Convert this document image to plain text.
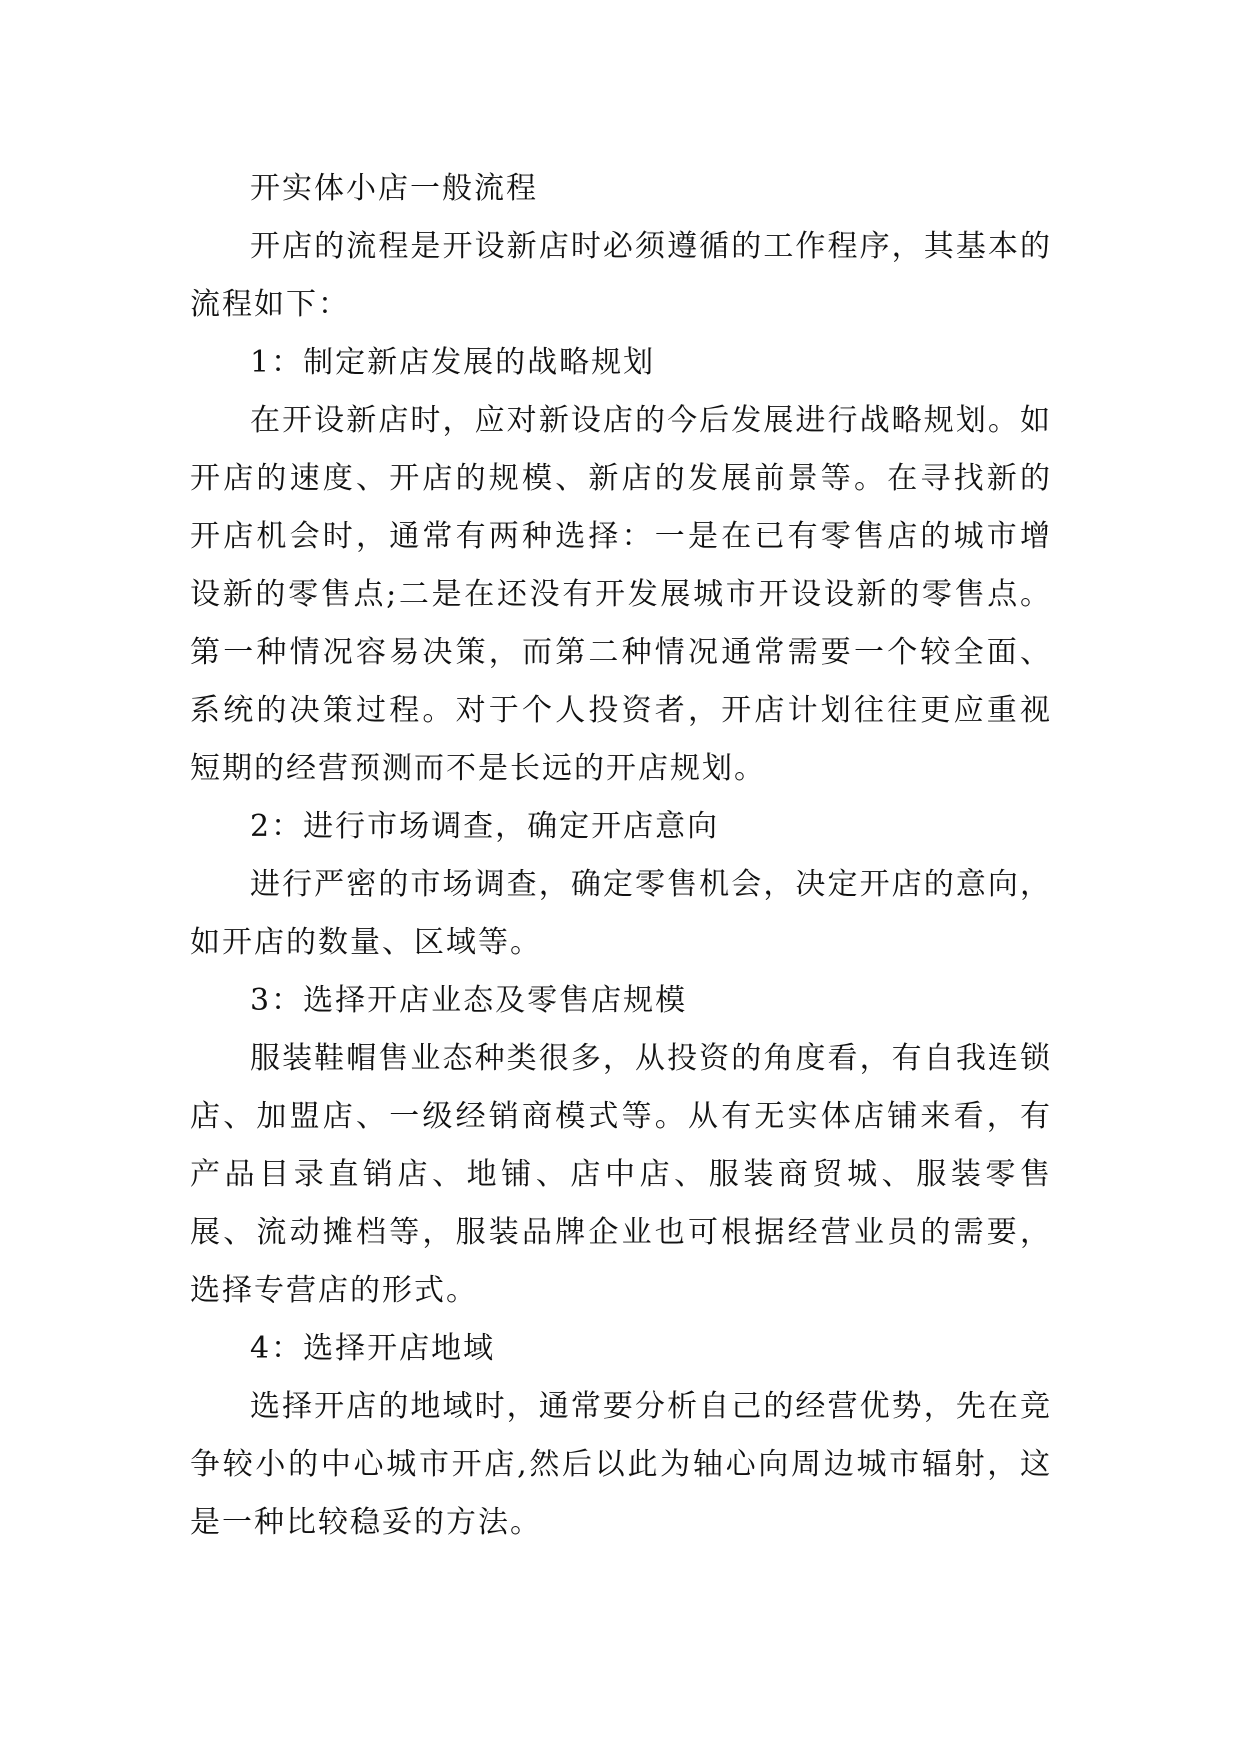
开实体小店一般流程

开店的流程是开设新店时必须遵循的工作程序，其基本的流程如下：

1：制定新店发展的战略规划

在开设新店时，应对新设店的今后发展进行战略规划。如开店的速度、开店的规模、新店的发展前景等。在寻找新的开店机会时，通常有两种选择：一是在已有零售店的城市增设新的零售点;二是在还没有开发展城市开设设新的零售点。第一种情况容易决策，而第二种情况通常需要一个较全面、系统的决策过程。对于个人投资者，开店计划往往更应重视短期的经营预测而不是长远的开店规划。

2：进行市场调查，确定开店意向

进行严密的市场调查，确定零售机会，决定开店的意向，如开店的数量、区域等。

3：选择开店业态及零售店规模

服装鞋帽售业态种类很多，从投资的角度看，有自我连锁店、加盟店、一级经销商模式等。从有无实体店铺来看，有产品目录直销店、地铺、店中店、服装商贸城、服装零售展、流动摊档等，服装品牌企业也可根据经营业员的需要，选择专营店的形式。

4：选择开店地域

选择开店的地域时，通常要分析自己的经营优势，先在竞争较小的中心城市开店,然后以此为轴心向周边城市辐射，这是一种比较稳妥的方法。
